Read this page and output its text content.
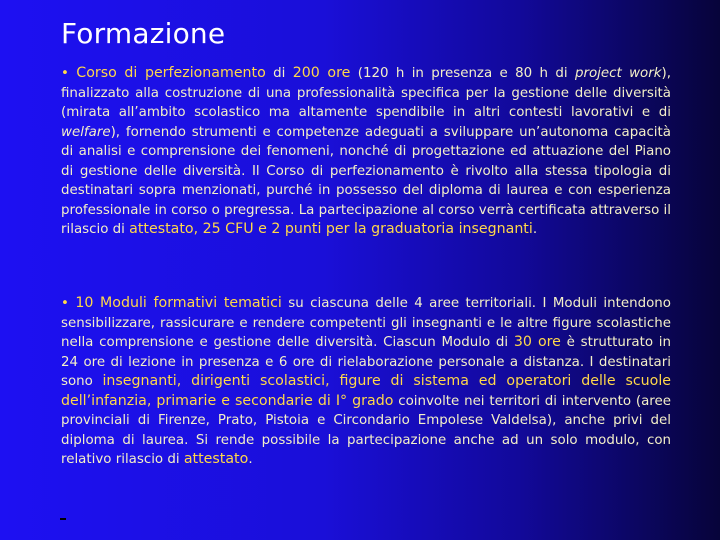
Formazione
• Corso di perfezionamento di 200 ore (120 h in presenza e 80 h di project work), finalizzato alla costruzione di una professionalità specifica per la gestione delle diversità (mirata all’ambito scolastico ma altamente spendibile in altri contesti lavorativi e di welfare), fornendo strumenti e competenze adeguati a sviluppare un’autonoma capacità di analisi e comprensione dei fenomeni, nonché di progettazione ed attuazione del Piano di gestione delle diversità. Il Corso di perfezionamento è rivolto alla stessa tipologia di destinatari sopra menzionati, purché in possesso del diploma di laurea e con esperienza professionale in corso o pregressa. La partecipazione al corso verrà certificata attraverso il rilascio di attestato, 25 CFU e 2 punti per la graduatoria insegnanti.
• 10 Moduli formativi tematici su ciascuna delle 4 aree territoriali. I Moduli intendono sensibilizzare, rassicurare e rendere competenti gli insegnanti e le altre figure scolastiche nella comprensione e gestione delle diversità. Ciascun Modulo di 30 ore è strutturato in 24 ore di lezione in presenza e 6 ore di rielaborazione personale a distanza. I destinatari sono insegnanti, dirigenti scolastici, figure di sistema ed operatori delle scuole dell’infanzia, primarie e secondarie di I° grado coinvolte nei territori di intervento (aree provinciali di Firenze, Prato, Pistoia e Circondario Empolese Valdelsa), anche privi del diploma di laurea. Si rende possibile la partecipazione anche ad un solo modulo, con relativo rilascio di attestato.
